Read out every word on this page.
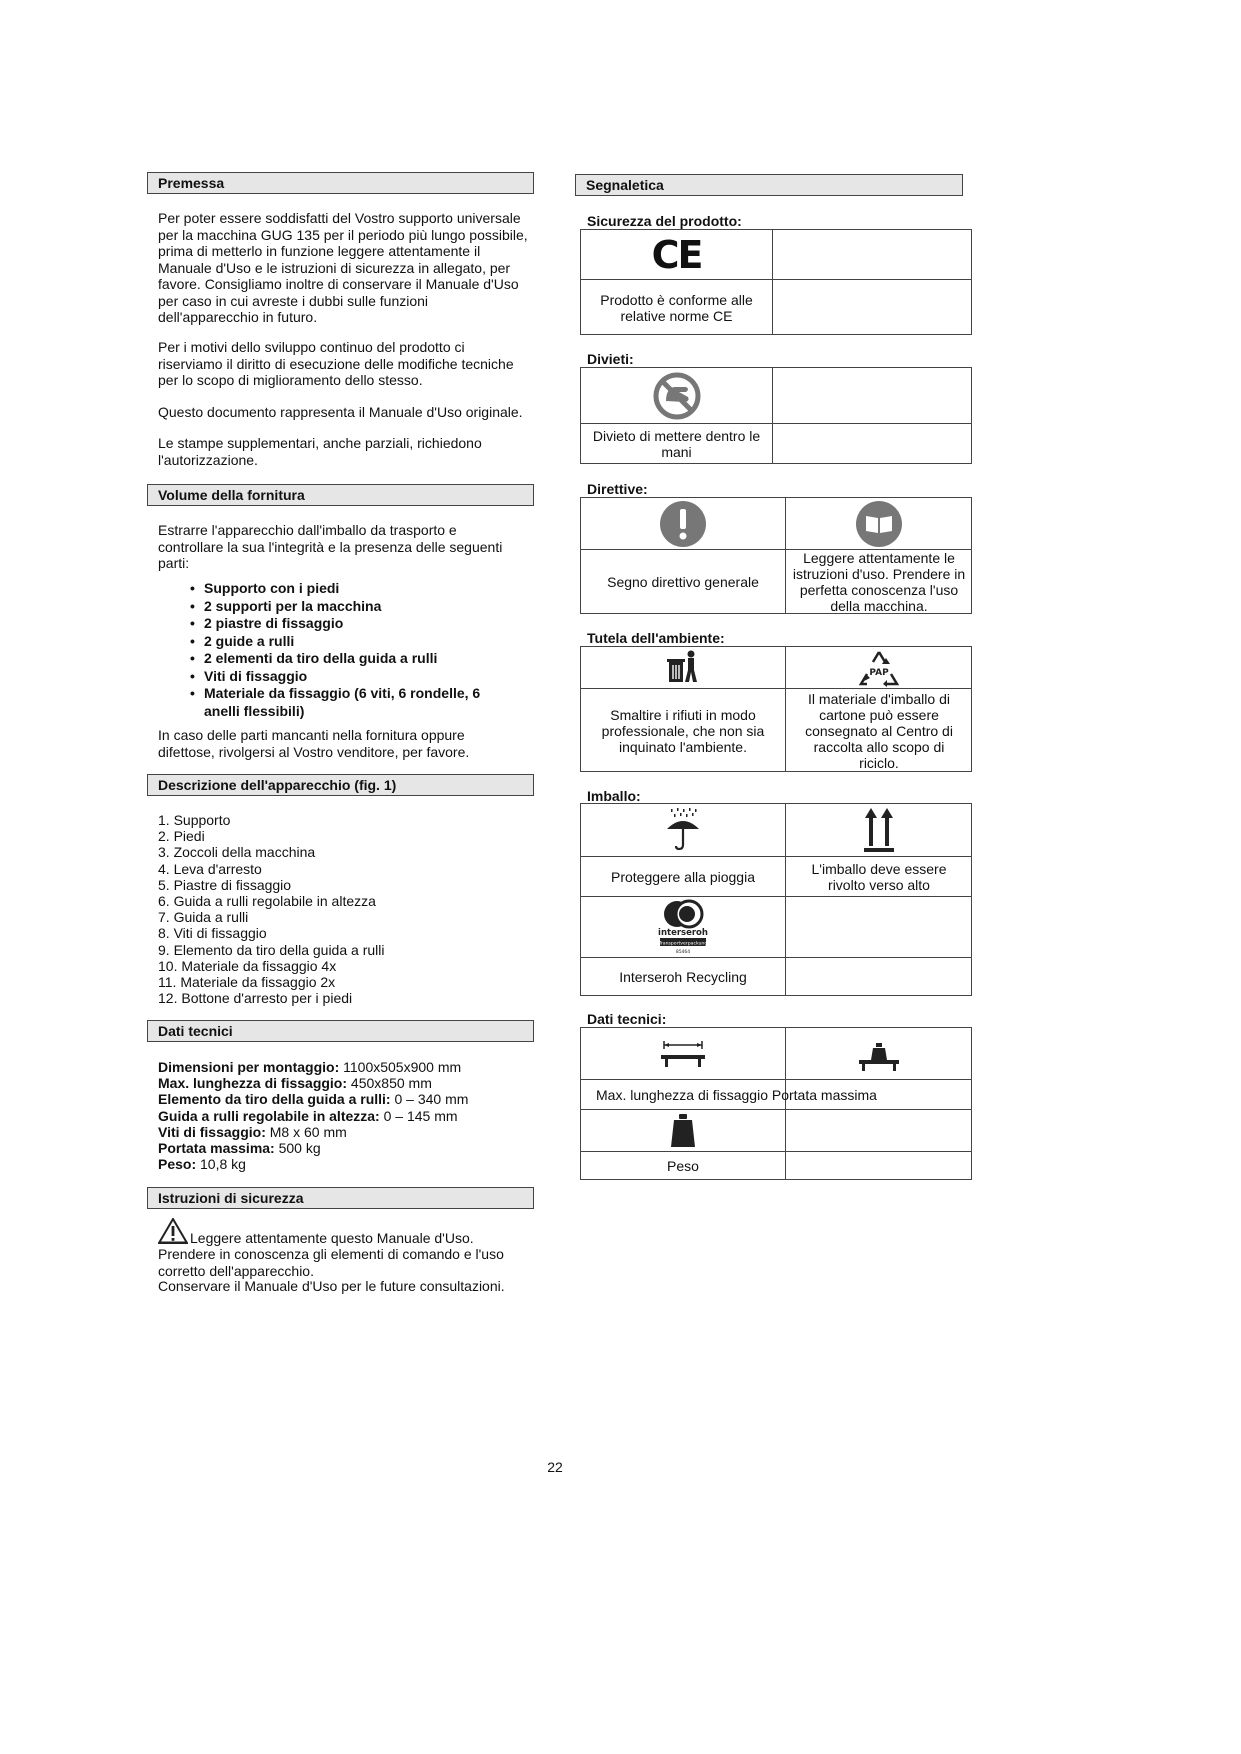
Premessa
Per poter essere soddisfatti del Vostro supporto universale per la macchina GUG 135 per il periodo più lungo possibile, prima di metterlo in funzione leggere attentamente il Manuale d'Uso e le istruzioni di sicurezza in allegato, per favore. Consigliamo inoltre di conservare il Manuale d'Uso per caso in cui avreste i dubbi sulle funzioni dell'apparecchio in futuro.
Per i motivi dello sviluppo continuo del prodotto ci riserviamo il diritto di esecuzione delle modifiche tecniche per lo scopo di miglioramento dello stesso.
Questo documento rappresenta il Manuale d'Uso originale.
Le stampe supplementari, anche parziali, richiedono l'autorizzazione.
Volume della fornitura
Estrarre l'apparecchio dall'imballo da trasporto e controllare la sua l'integrità e la presenza delle seguenti parti:
• Supporto con i piedi
• 2 supporti per la macchina
• 2 piastre di fissaggio
• 2 guide a rulli
• 2 elementi da tiro della guida a rulli
• Viti di fissaggio
• Materiale da fissaggio (6 viti, 6 rondelle, 6 anelli flessibili)
In caso delle parti mancanti nella fornitura oppure difettose, rivolgersi al Vostro venditore, per favore.
Descrizione dell'apparecchio (fig. 1)
1. Supporto
2. Piedi
3. Zoccoli della macchina
4. Leva d'arresto
5. Piastre di fissaggio
6. Guida a rulli regolabile in altezza
7. Guida a rulli
8. Viti di fissaggio
9. Elemento da tiro della guida a rulli
10. Materiale da fissaggio 4x
11. Materiale da fissaggio 2x
12. Bottone d'arresto per i piedi
Dati tecnici

Dimensioni per montaggio: 1100x505x900 mm

Max. lunghezza di fissaggio: 450x850 mm

Elemento da tiro della guida a rulli: 0 – 340 mm

Guida a rulli regolabile in altezza: 0 – 145 mm

Viti di fissaggio: M8 x 60 mm

Portata massima: 500 kg

Peso: 10,8 kg

Istruzioni di sicurezza
Leggere attentamente questo Manuale d'Uso.
Prendere in conoscenza gli elementi di comando e l'uso corretto dell'apparecchio.
Conservare il Manuale d'Uso per le future consultazioni.
Segnaletica
Sicurezza del prodotto:
CE
Prodotto è conforme alle relative norme CE
Divieti:
Divieto di mettere dentro le mani
Direttive:
Segno direttivo generale
Leggere attentamente le istruzioni d'uso. Prendere in perfetta conoscenza l'uso della macchina.
Tutela dell'ambiente:
PAP
Smaltire i rifiuti in modo professionale, che non sia inquinato l'ambiente.
Il materiale d'imballo di cartone può essere consegnato al Centro di raccolta allo scopo di riciclo.
Imballo:
Proteggere alla pioggia	L'imballo deve essere rivolto verso alto
interseroh
Transportverpackung
85464
Interseroh Recycling
Dati tecnici:
Max. lunghezza di fissaggio Portata massima
Peso
22
